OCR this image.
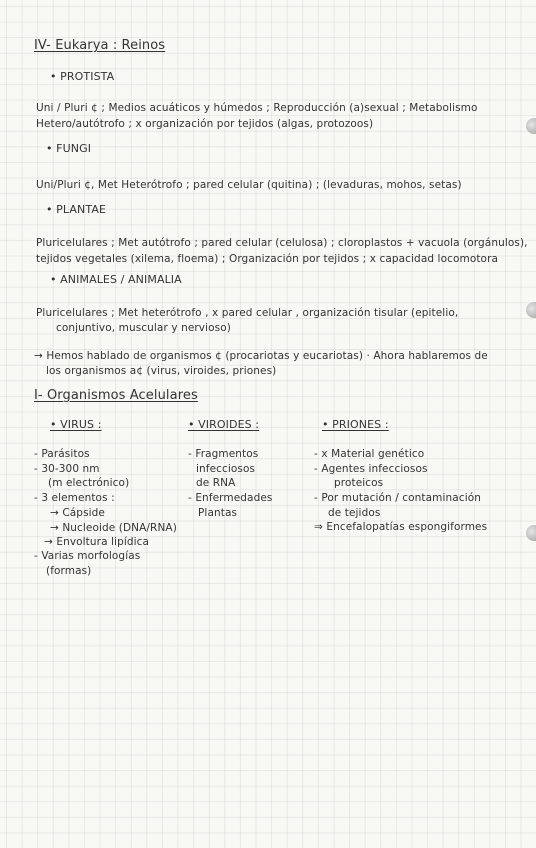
IV- Eukarya : Reinos
• PROTISTA
Uni / Pluri ¢ ; Medios acuáticos y húmedos ; Reproducción (a)sexual ; Metabolismo
Hetero/autótrofo ; x organización por tejidos (algas, protozoos)
• FUNGI
Uni/Pluri ¢, Met Heterótrofo ; pared celular (quitina) ; (levaduras, mohos, setas)
• PLANTAE
Pluricelulares ; Met autótrofo ; pared celular (celulosa) ; cloroplastos + vacuola (orgánulos),
tejidos vegetales (xilema, floema) ; Organización por tejidos ; x capacidad locomotora
• ANIMALES / ANIMALIA
Pluricelulares ; Met heterótrofo , x pared celular , organización tisular (epitelio,
conjuntivo, muscular y nervioso)
→ Hemos hablado de organismos ¢ (procariotas y eucariotas) · Ahora hablaremos de
los organismos a¢ (virus, viroides, priones)
I- Organismos Acelulares
• VIRUS :
- Parásitos
- 30-300 nm
(m electrónico)
- 3 elementos :
→ Cápside
→ Nucleoide (DNA/RNA)
→ Envoltura lipídica
- Varias morfologías
(formas)
• VIROIDES :
- Fragmentos
infecciosos
de RNA
- Enfermedades
Plantas
• PRIONES :
- x Material genético
- Agentes infecciosos
proteicos
- Por mutación / contaminación
de tejidos
⇒ Encefalopatías espongiformes
